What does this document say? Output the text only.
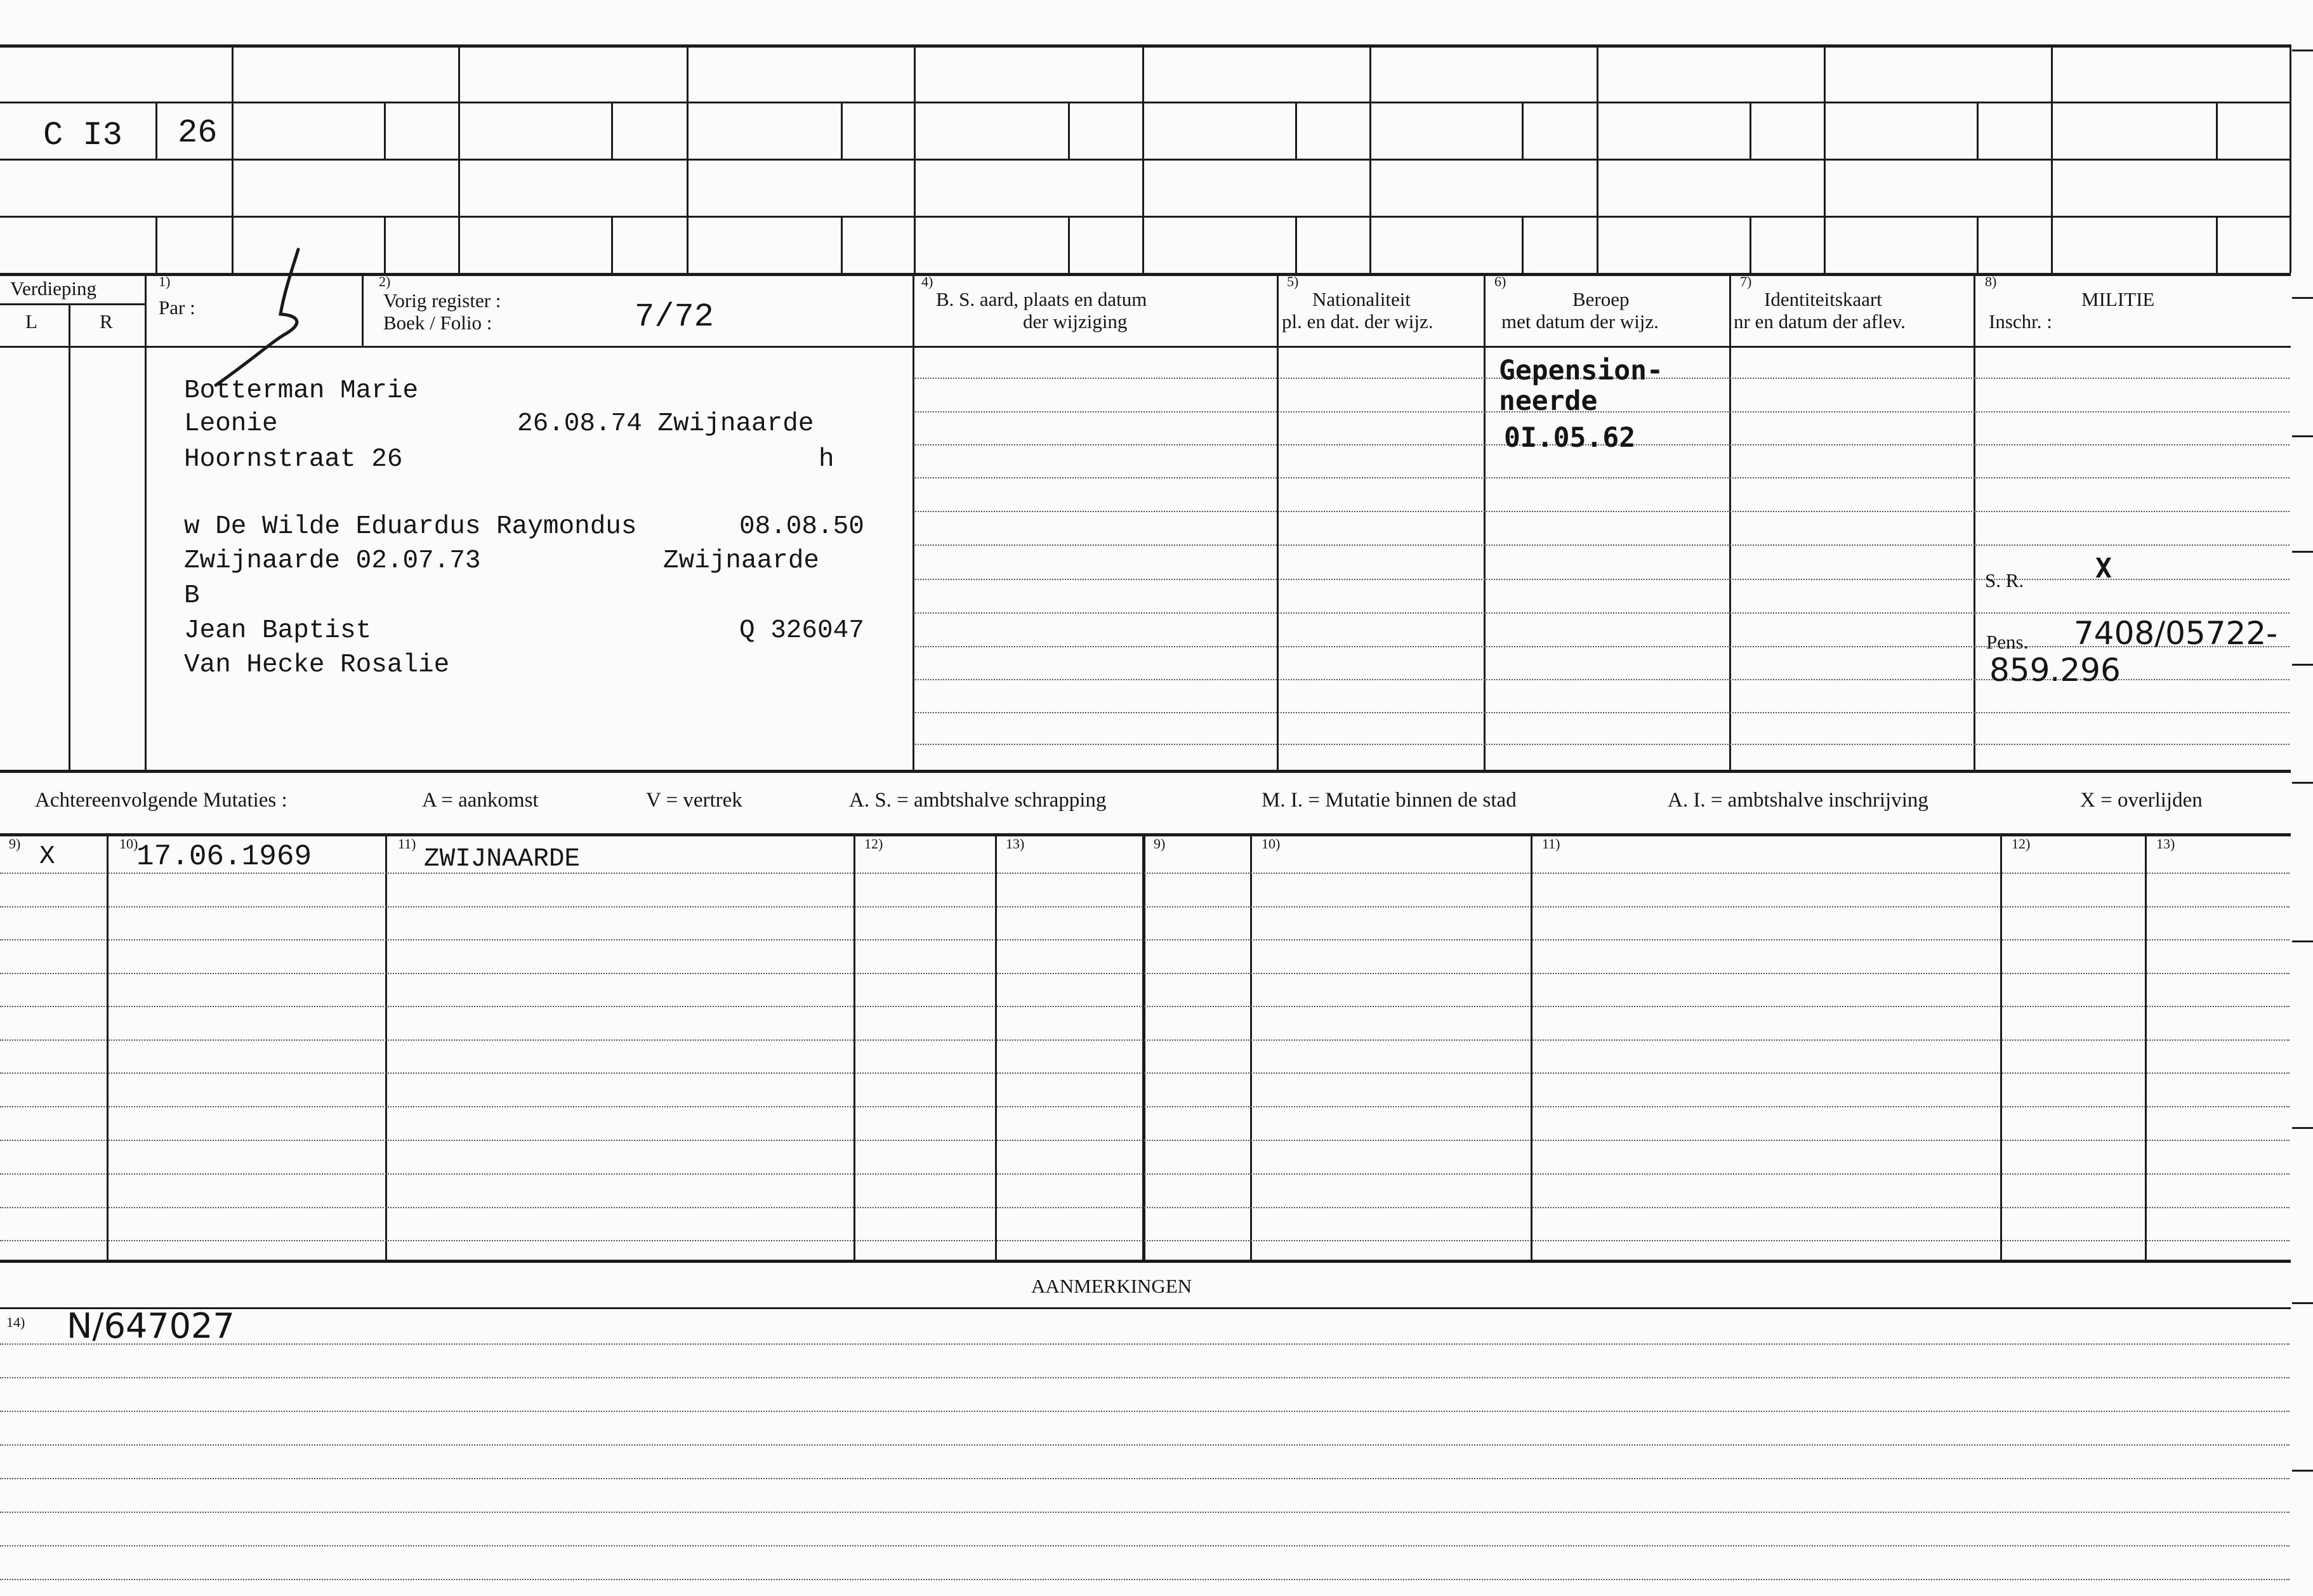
C I3 26
Verdieping
L	R
1)
Par :
2)
Vorig register :
Boek / Folio :	7/72
4)
B. S. aard, plaats en datum
der wijziging
5)
Nationaliteit
pl. en dat. der wijz.
6)
Beroep
met datum der wijz.
7)
Identiteitskaart
nr en datum der aflev.
8)
MILITIE
Inschr. :
Botterman Marie
Leonie	26.08.74 Zwijnaarde
Hoornstraat 26	h
w De Wilde Eduardus Raymondus	08.08.50
Zwijnaarde 02.07.73	Zwijnaarde
B
Jean Baptist	Q 326047
Van Hecke Rosalie
Gepension-
neerde
0I.05.62
S. R.	X
Pens. 7408/05722-
859.296
Achtereenvolgende Mutaties :	A = aankomst	V = vertrek	A. S. = ambtshalve schrapping	M. I. = Mutatie binnen de stad	A. I. = ambtshalve inschrijving	X = overlijden
9)	10)	11)	12)	13)	9)	10)	11)	12)	13)
X	17.06.1969	ZWIJNAARDE
AANMERKINGEN
14) N/647027
